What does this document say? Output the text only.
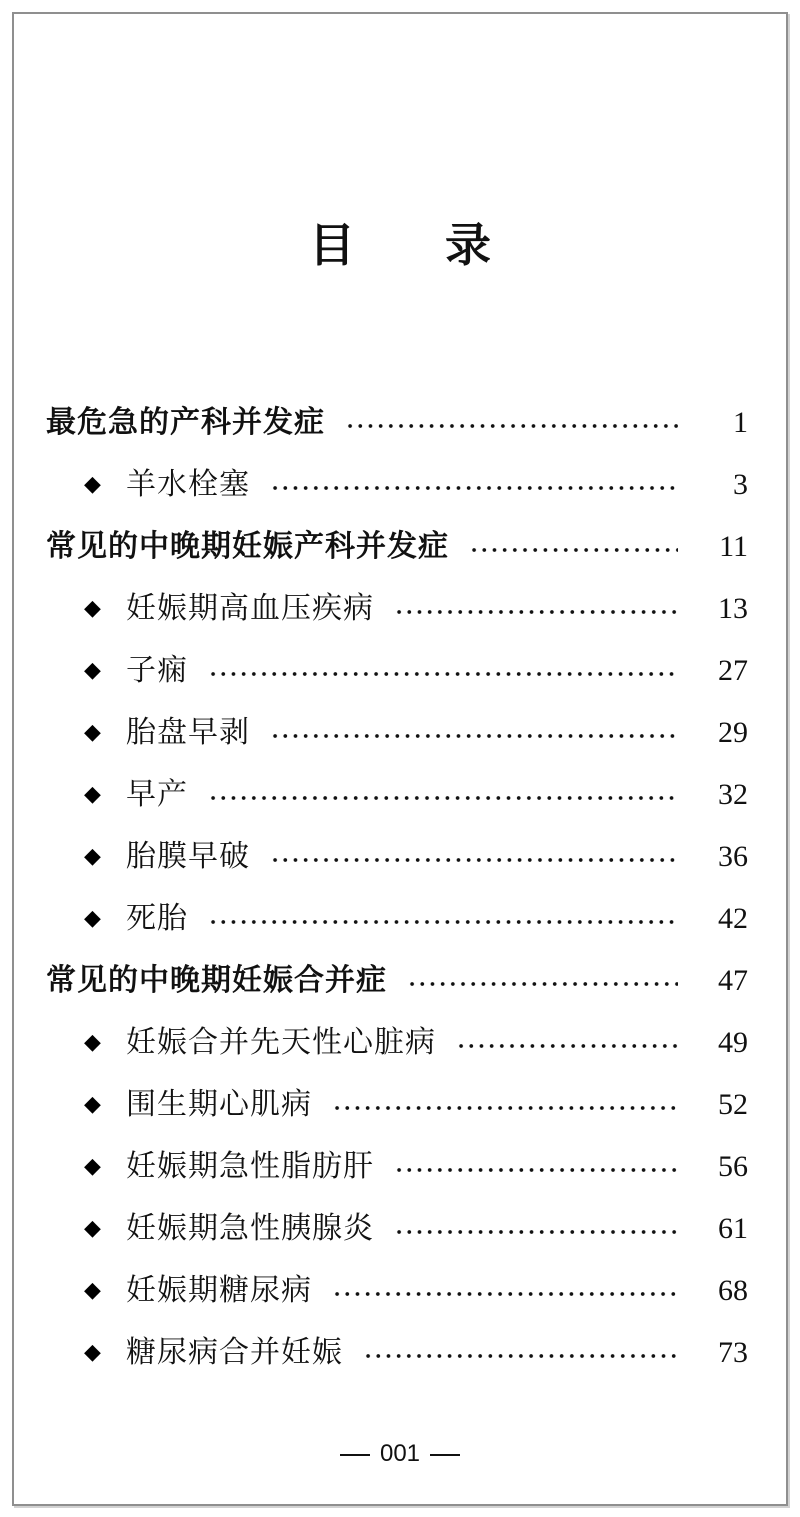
目录
最危急的产科并发症	1
◆ 羊水栓塞	3
常见的中晚期妊娠产科并发症	11
◆ 妊娠期高血压疾病	13
◆ 子痫	27
◆ 胎盘早剥	29
◆ 早产	32
◆ 胎膜早破	36
◆ 死胎	42
常见的中晚期妊娠合并症	47
◆ 妊娠合并先天性心脏病	49
◆ 围生期心肌病	52
◆ 妊娠期急性脂肪肝	56
◆ 妊娠期急性胰腺炎	61
◆ 妊娠期糖尿病	68
◆ 糖尿病合并妊娠	73
001
